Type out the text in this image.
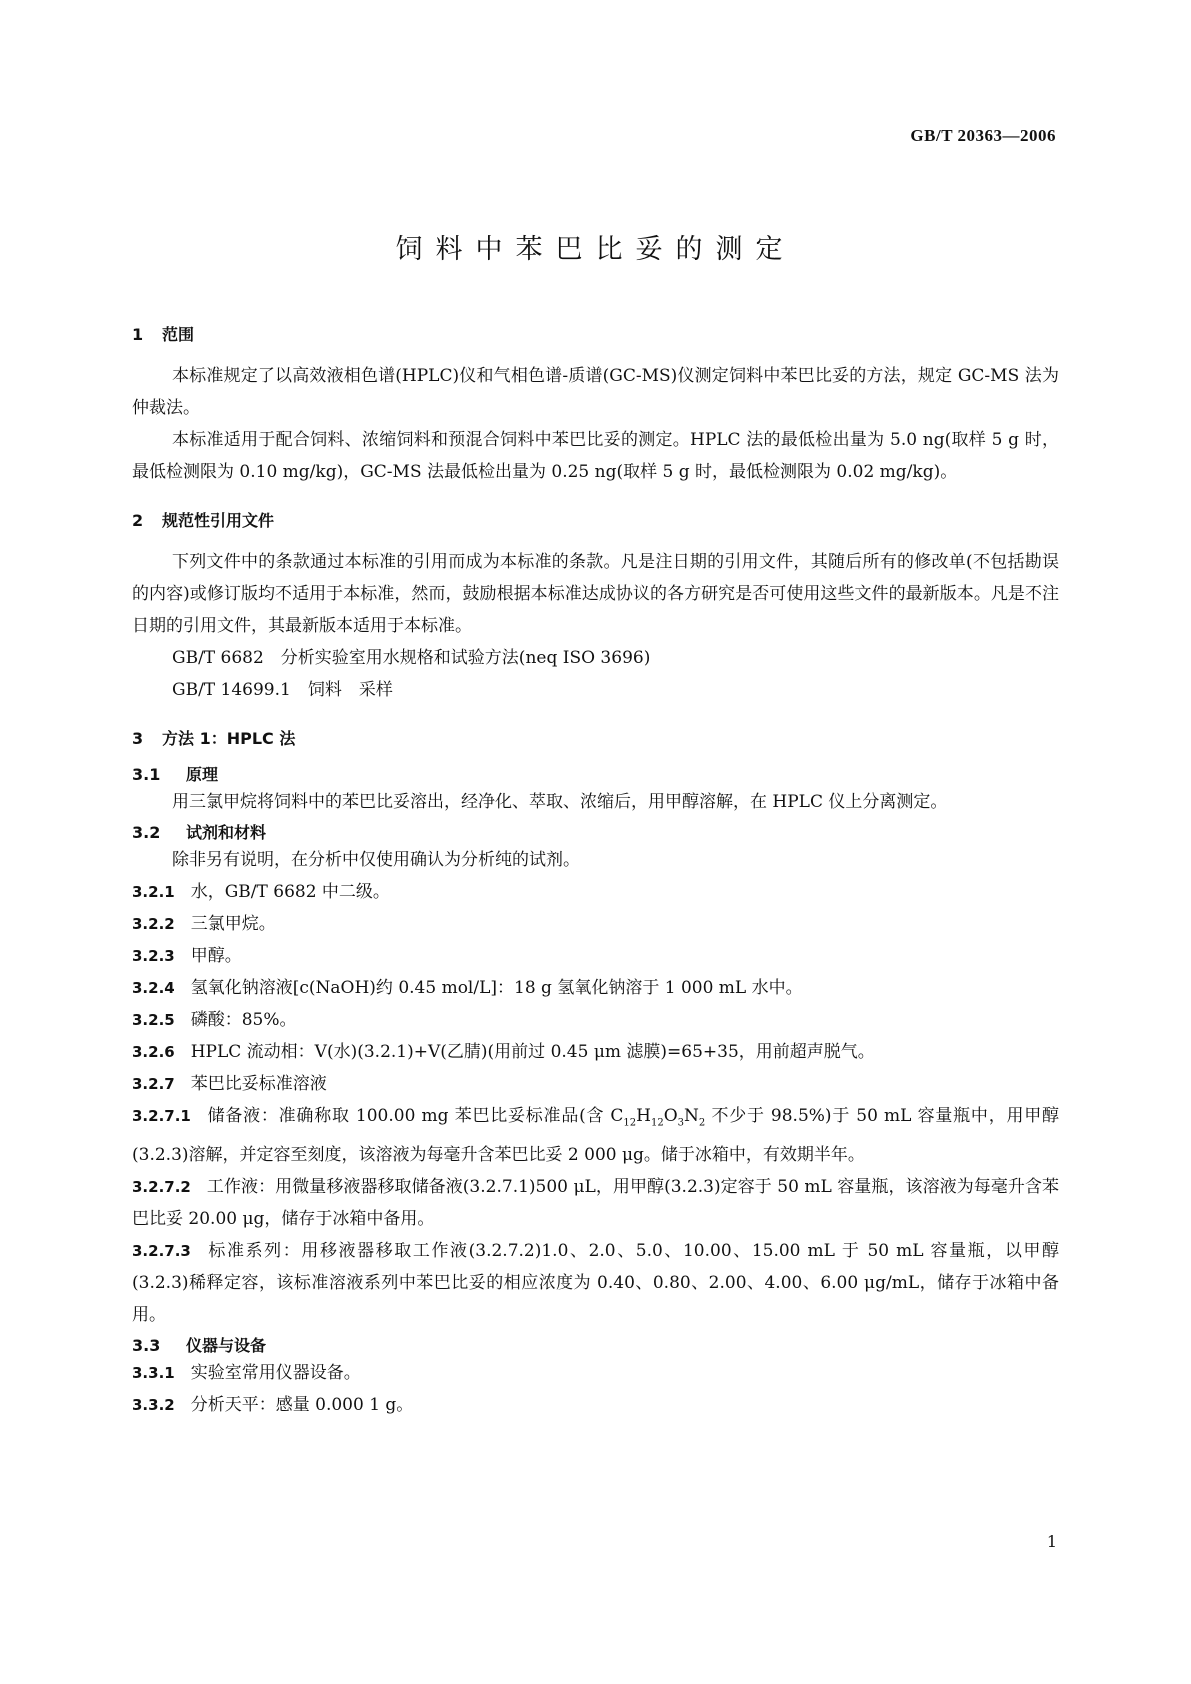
GB/T 20363—2006
饲料中苯巴比妥的测定
1 范围

本标准规定了以高效液相色谱(HPLC)仪和气相色谱-质谱(GC-MS)仪测定饲料中苯巴比妥的方法，规定 GC-MS 法为仲裁法。

本标准适用于配合饲料、浓缩饲料和预混合饲料中苯巴比妥的测定。HPLC 法的最低检出量为 5.0 ng(取样 5 g 时，最低检测限为 0.10 mg/kg)，GC-MS 法最低检出量为 0.25 ng(取样 5 g 时，最低检测限为 0.02 mg/kg)。

2 规范性引用文件

下列文件中的条款通过本标准的引用而成为本标准的条款。凡是注日期的引用文件，其随后所有的修改单(不包括勘误的内容)或修订版均不适用于本标准，然而，鼓励根据本标准达成协议的各方研究是否可使用这些文件的最新版本。凡是不注日期的引用文件，其最新版本适用于本标准。

GB/T 6682　分析实验室用水规格和试验方法(neq ISO 3696)
GB/T 14699.1　饲料　采样
3 方法 1：HPLC 法
3.1 原理

用三氯甲烷将饲料中的苯巴比妥溶出，经净化、萃取、浓缩后，用甲醇溶解，在 HPLC 仪上分离测定。

3.2 试剂和材料

除非另有说明，在分析中仅使用确认为分析纯的试剂。

3.2.1 水，GB/T 6682 中二级。
3.2.2 三氯甲烷。
3.2.3 甲醇。
3.2.4 氢氧化钠溶液[c(NaOH)约 0.45 mol/L]：18 g 氢氧化钠溶于 1 000 mL 水中。
3.2.5 磷酸：85%。
3.2.6 HPLC 流动相：V(水)(3.2.1)+V(乙腈)(用前过 0.45 μm 滤膜)=65+35，用前超声脱气。
3.2.7 苯巴比妥标准溶液
3.2.7.1 储备液：准确称取 100.00 mg 苯巴比妥标准品(含 $C_{12}H_{12}O_3N_2$ 不少于 98.5%)于 50 mL 容量瓶中，用甲醇(3.2.3)溶解，并定容至刻度，该溶液为每毫升含苯巴比妥 2 000 μg。储于冰箱中，有效期半年。
3.2.7.2 工作液：用微量移液器移取储备液(3.2.7.1)500 μL，用甲醇(3.2.3)定容于 50 mL 容量瓶，该溶液为每毫升含苯巴比妥 20.00 μg，储存于冰箱中备用。
3.2.7.3 标准系列：用移液器移取工作液(3.2.7.2)1.0、2.0、5.0、10.00、15.00 mL 于 50 mL 容量瓶，以甲醇(3.2.3)稀释定容，该标准溶液系列中苯巴比妥的相应浓度为 0.40、0.80、2.00、4.00、6.00 μg/mL，储存于冰箱中备用。
3.3 仪器与设备
3.3.1 实验室常用仪器设备。
3.3.2 分析天平：感量 0.000 1 g。
1
